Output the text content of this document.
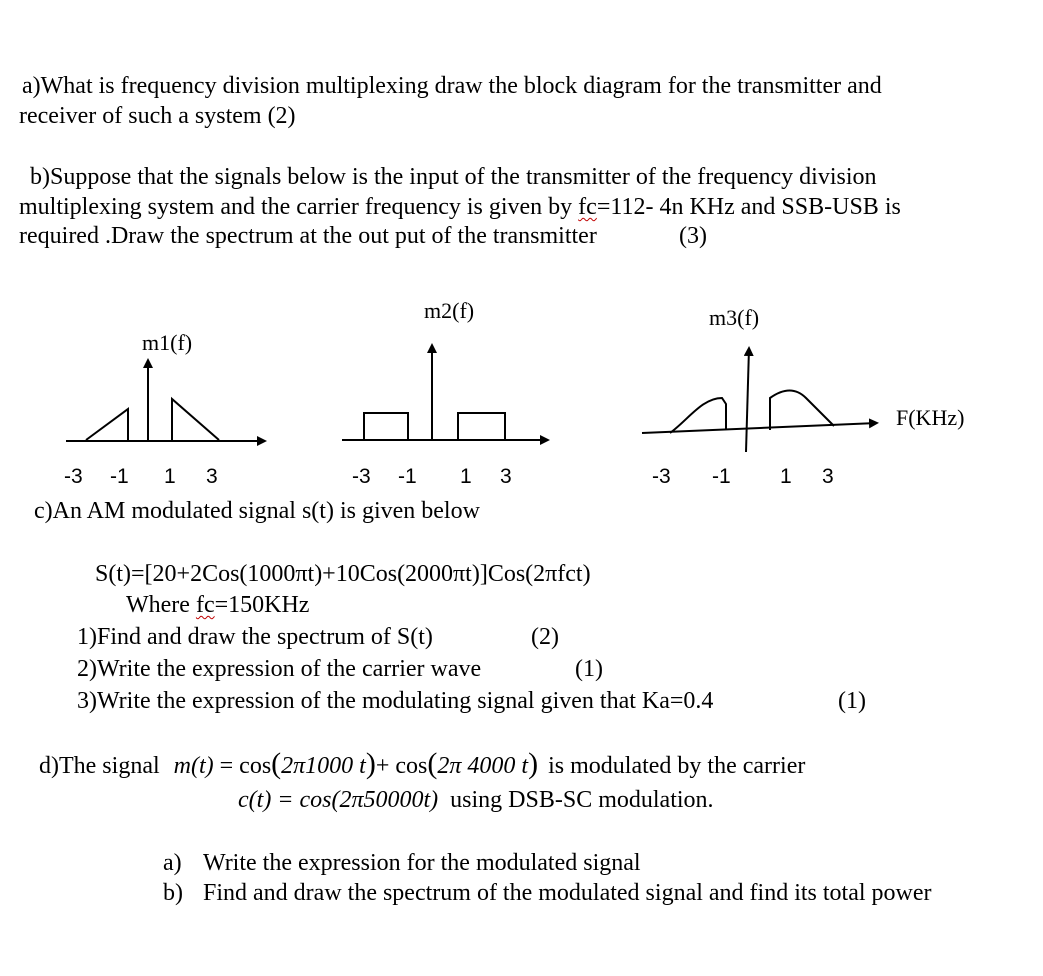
a)What is frequency division multiplexing draw the block diagram for the transmitter and
receiver of such a system (2)
b)Suppose that the signals below is the input of the transmitter of the frequency division
multiplexing system and the carrier frequency is given by fc=112- 4n KHz and SSB-USB is
required .Draw the spectrum at the out put of the transmitter	(3)
m1(f)
m2(f)	m3(f)
F(KHz)
-3 -1 1 3	-3 -1 1 3	-3 -1 1 3
c)An AM modulated signal s(t) is given below
S(t)=[20+2Cos(1000πt)+10Cos(2000πt)]Cos(2πfct)
Where fc=150KHz
1)Find and draw the spectrum of S(t)	(2)
2)Write the expression of the carrier wave	(1)
3)Write the expression of the modulating signal given that Ka=0.4	(1)
d)The signal m(t) = cos(2π1000 t)+ cos(2π 4000 t) is modulated by the carrier
c(t) = cos(2π50000t) using DSB-SC modulation.
a) Write the expression for the modulated signal
b) Find and draw the spectrum of the modulated signal and find its total power
